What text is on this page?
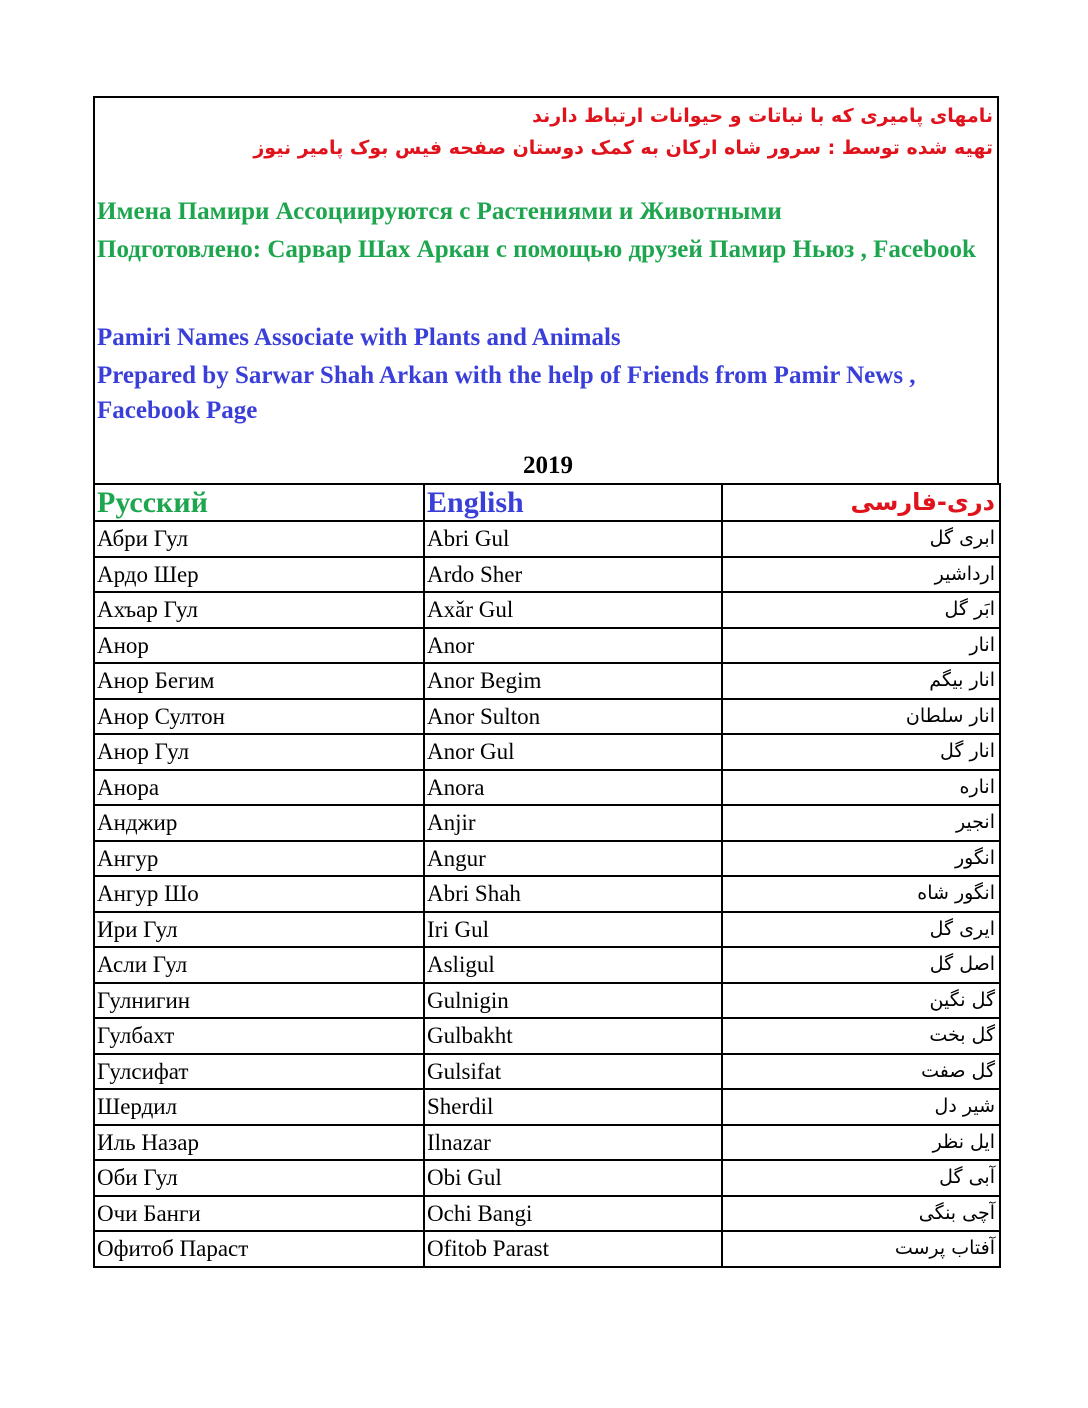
نامهای پامیری که با نباتات و حیوانات ارتباط دارند
تهیه شده توسط : سرور شاه ارکان به کمک دوستان صفحه فیس بوک پامیر نیوز
Имена Памири Ассоциируются с Растениями и Животными
Подготовлено: Сарвар Шах Аркан с помощью друзей Памир Ньюз , Facebook
Pamiri Names Associate with Plants and Animals
Prepared by Sarwar Shah Arkan with the help of Friends from Pamir News , Facebook Page
2019
Русский	English	دری-فارسی
Абри Гул	Abri Gul	ابری گل
Ардо Шер	Ardo Sher	ارداشیر
Ахъар Гул	Axǎr Gul	ابَر گل
Анор	Anor	انار
Анор Бегим	Anor Begim	انار بیگم
Анор Султон	Anor Sulton	انار سلطان
Анор Гул	Anor Gul	انار گل
Анора	Anora	اناره
Анджир	Anjir	انجیر
Ангур	Angur	انگور
Ангур Шо	Abri Shah	انگور شاه
Ири Гул	Iri Gul	ایری گل
Асли Гул	Asligul	اصل گل
Гулнигин	Gulnigin	گل نگین
Гулбахт	Gulbakht	گل بخت
Гулсифат	Gulsifat	گل صفت
Шердил	Sherdil	شیر دل
Иль Назар	Ilnazar	ایل نظر
Оби Гул	Obi Gul	آبی گل
Очи Банги	Ochi Bangi	آچی بنگی
Офитоб Параст	Ofitob Parast	آفتاب پرست
